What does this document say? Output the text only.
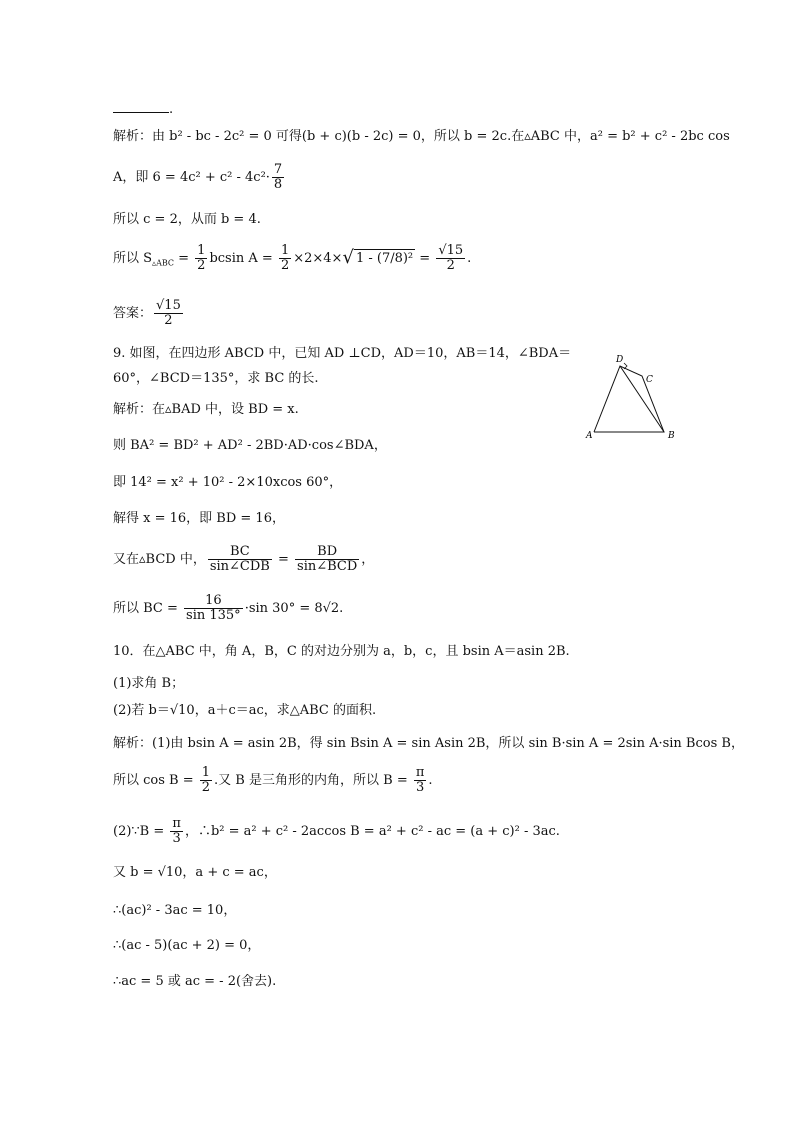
.
解析：由 b² - bc - 2c² = 0 可得(b + c)(b - 2c) = 0，所以 b = 2c.在▵ABC 中，a² = b² + c² - 2bc cos
A，即 $6 = 4c^2 + c^2 - 4c^2\cdot \frac{7}{8}$
所以 c = 2，从而 b = 4.
所以 $S_{▵ABC} = \frac{1}{2}$ bcsin $A = \frac{1}{2} \times 2\times 4\times√$ $1 - (7/8)^2 = \frac{√15}{2}$ .
答案： $\frac{√15}{2}$
9. 如图，在四边形 ABCD 中，已知 AD ⊥CD，AD＝10，AB＝14，∠BDA＝
60°，∠BCD＝135°，求 BC 的长.
解析：在▵BAD 中，设 BD = x.
则 BA² = BD² + AD² - 2BD·AD·cos∠BDA，
即 14² = x² + 10² - 2×10xcos 60°，
解得 x = 16，即 BD = 16，
又在▵BCD 中， $\frac{BC}{\text{sin∠CDB}} = \frac{BD}{\text{sin∠BCD}}$ ，
所以 BC = $\frac{16}{\sin 135^\circ} \cdot\sin$ 30° = 8√2.
A	B
C
D
10．在△ABC 中，角 A，B，C 的对边分别为 a，b，c，且 bsin A＝asin 2B.
(1)求角 B；
(2)若 b＝√10，a＋c＝ac，求△ABC 的面积.
解析：(1)由 bsin A = asin 2B，得 sin Bsin A = sin Asin 2B，所以 sin B·sin A = 2sin A·sin Bcos B，
所以 $\cos B = \frac{1}{2}$ .又 B 是三角形的内角，所以 $B = \frac{\pi}{3}$ .
(2)∵B = $\frac{\pi}{3}$ ，∴b² = a² + c² - 2accos B = a² + c² - ac = (a + c)² - 3ac.
又 b = √10，a + c = ac，
∴(ac)² - 3ac = 10，
∴(ac - 5)(ac + 2) = 0，
∴ac = 5 或 ac = - 2(舍去).
